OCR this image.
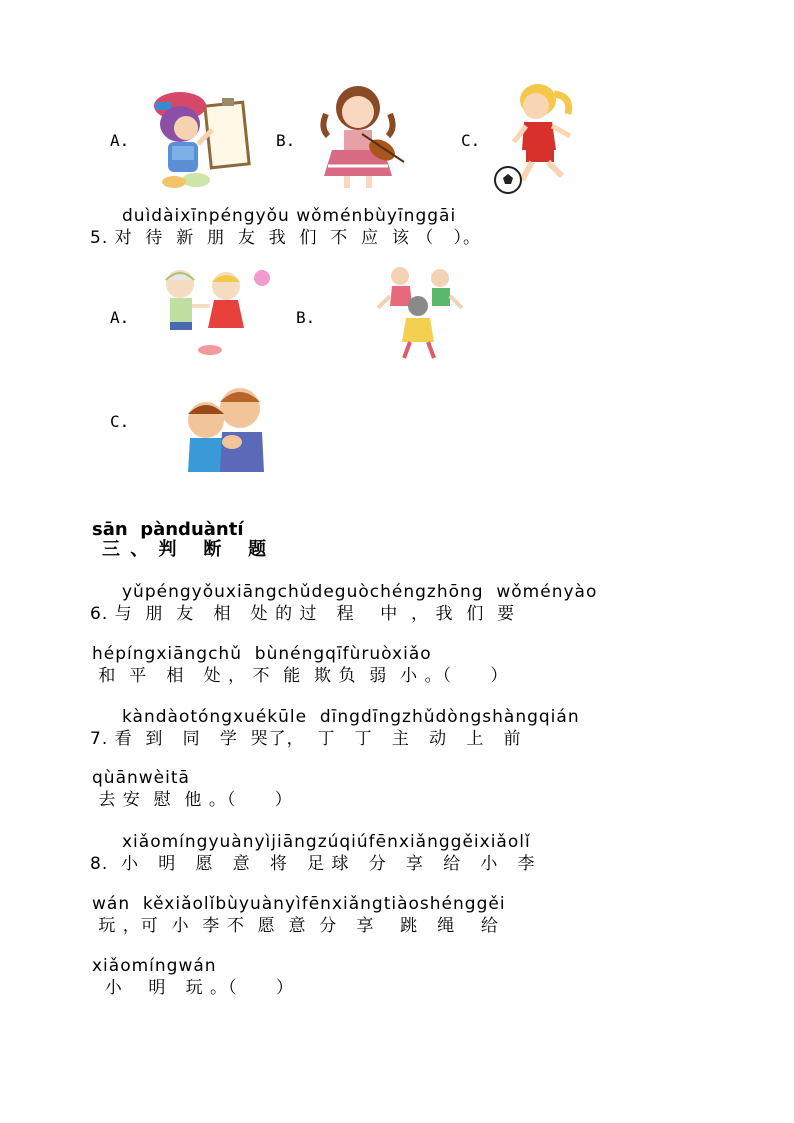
A.	B.	C.
duìdàixīnpéngyǒu wǒménbùyīnggāi
5. 对  待  新  朋  友  我  们  不  应  该 （   ）。
A.	B.
C.
sān  pànduàntí
三 、 判   断   题
yǔpéngyǒuxiāngchǔdeguòchéngzhōng  wǒményào
6. 与  朋  友   相   处 的 过   程    中  ， 我  们  要
hépíngxiāngchǔ  bùnéngqīfùruòxiǎo
和  平   相   处 ， 不  能  欺 负  弱  小 。（      ）
kàndàotóngxuékūle  dīngdīngzhǔdòngshàngqián
7. 看  到   同   学  哭了，  丁   丁   主   动   上   前
qùānwèitā
去 安  慰  他 。（      ）
xiǎomíngyuànyìjiāngzúqiúfēnxiǎnggěixiǎolǐ
8.  小   明   愿   意   将   足 球   分   享   给   小   李
wán  kěxiǎolǐbùyuànyìfēnxiǎngtiàoshénggěi
玩 ，可  小  李 不  愿  意  分   享    跳   绳    给
xiǎomíngwán
小    明   玩 。（      ）
